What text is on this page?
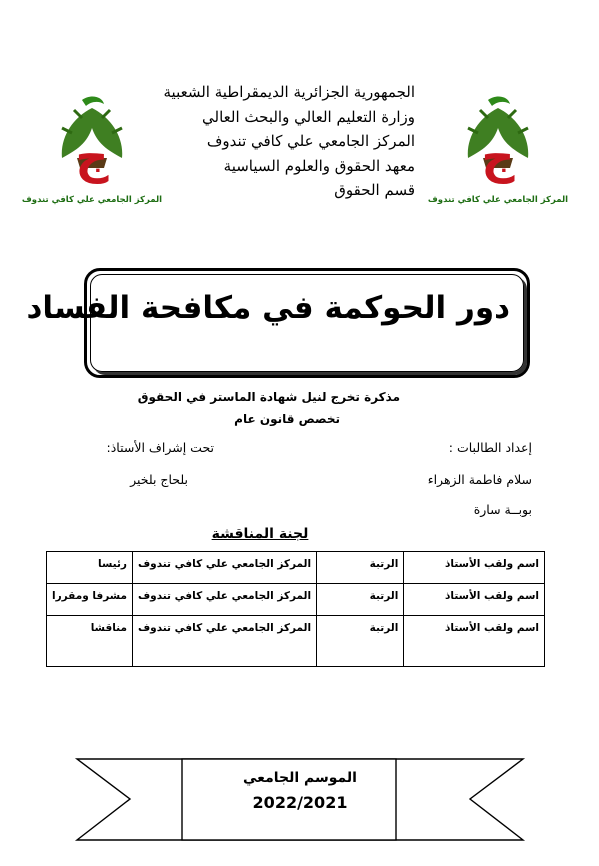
ج
المركز الجامعي علي كافي تندوف
ج
المركز الجامعي علي كافي تندوف
الجمهورية الجزائرية الديمقراطية الشعبية
وزارة التعليم العالي والبحث العالي
المركز الجامعي علي كافي تندوف
معهد الحقوق والعلوم السياسية
قسم الحقوق
دور الحوكمة في مكافحة الفساد
مذكرة تخرج لنيل شهادة الماستر في الحقوق
تخصص قانون عام
إعداد الطالبات :
سلام فاطمة الزهراء
بوبــة سارة
تحت إشراف الأستاذ:
بلحاج بلخير
لجنة المناقشة
اسم ولقب الأستاذ	الرتبة	المركز الجامعي علي كافي تندوف	رئيسا
اسم ولقب الأستاذ	الرتبة	المركز الجامعي علي كافي تندوف	مشرفا ومقررا
اسم ولقب الأستاذ	الرتبة	المركز الجامعي علي كافي تندوف	مناقشا
الموسم الجامعي
2022/2021
